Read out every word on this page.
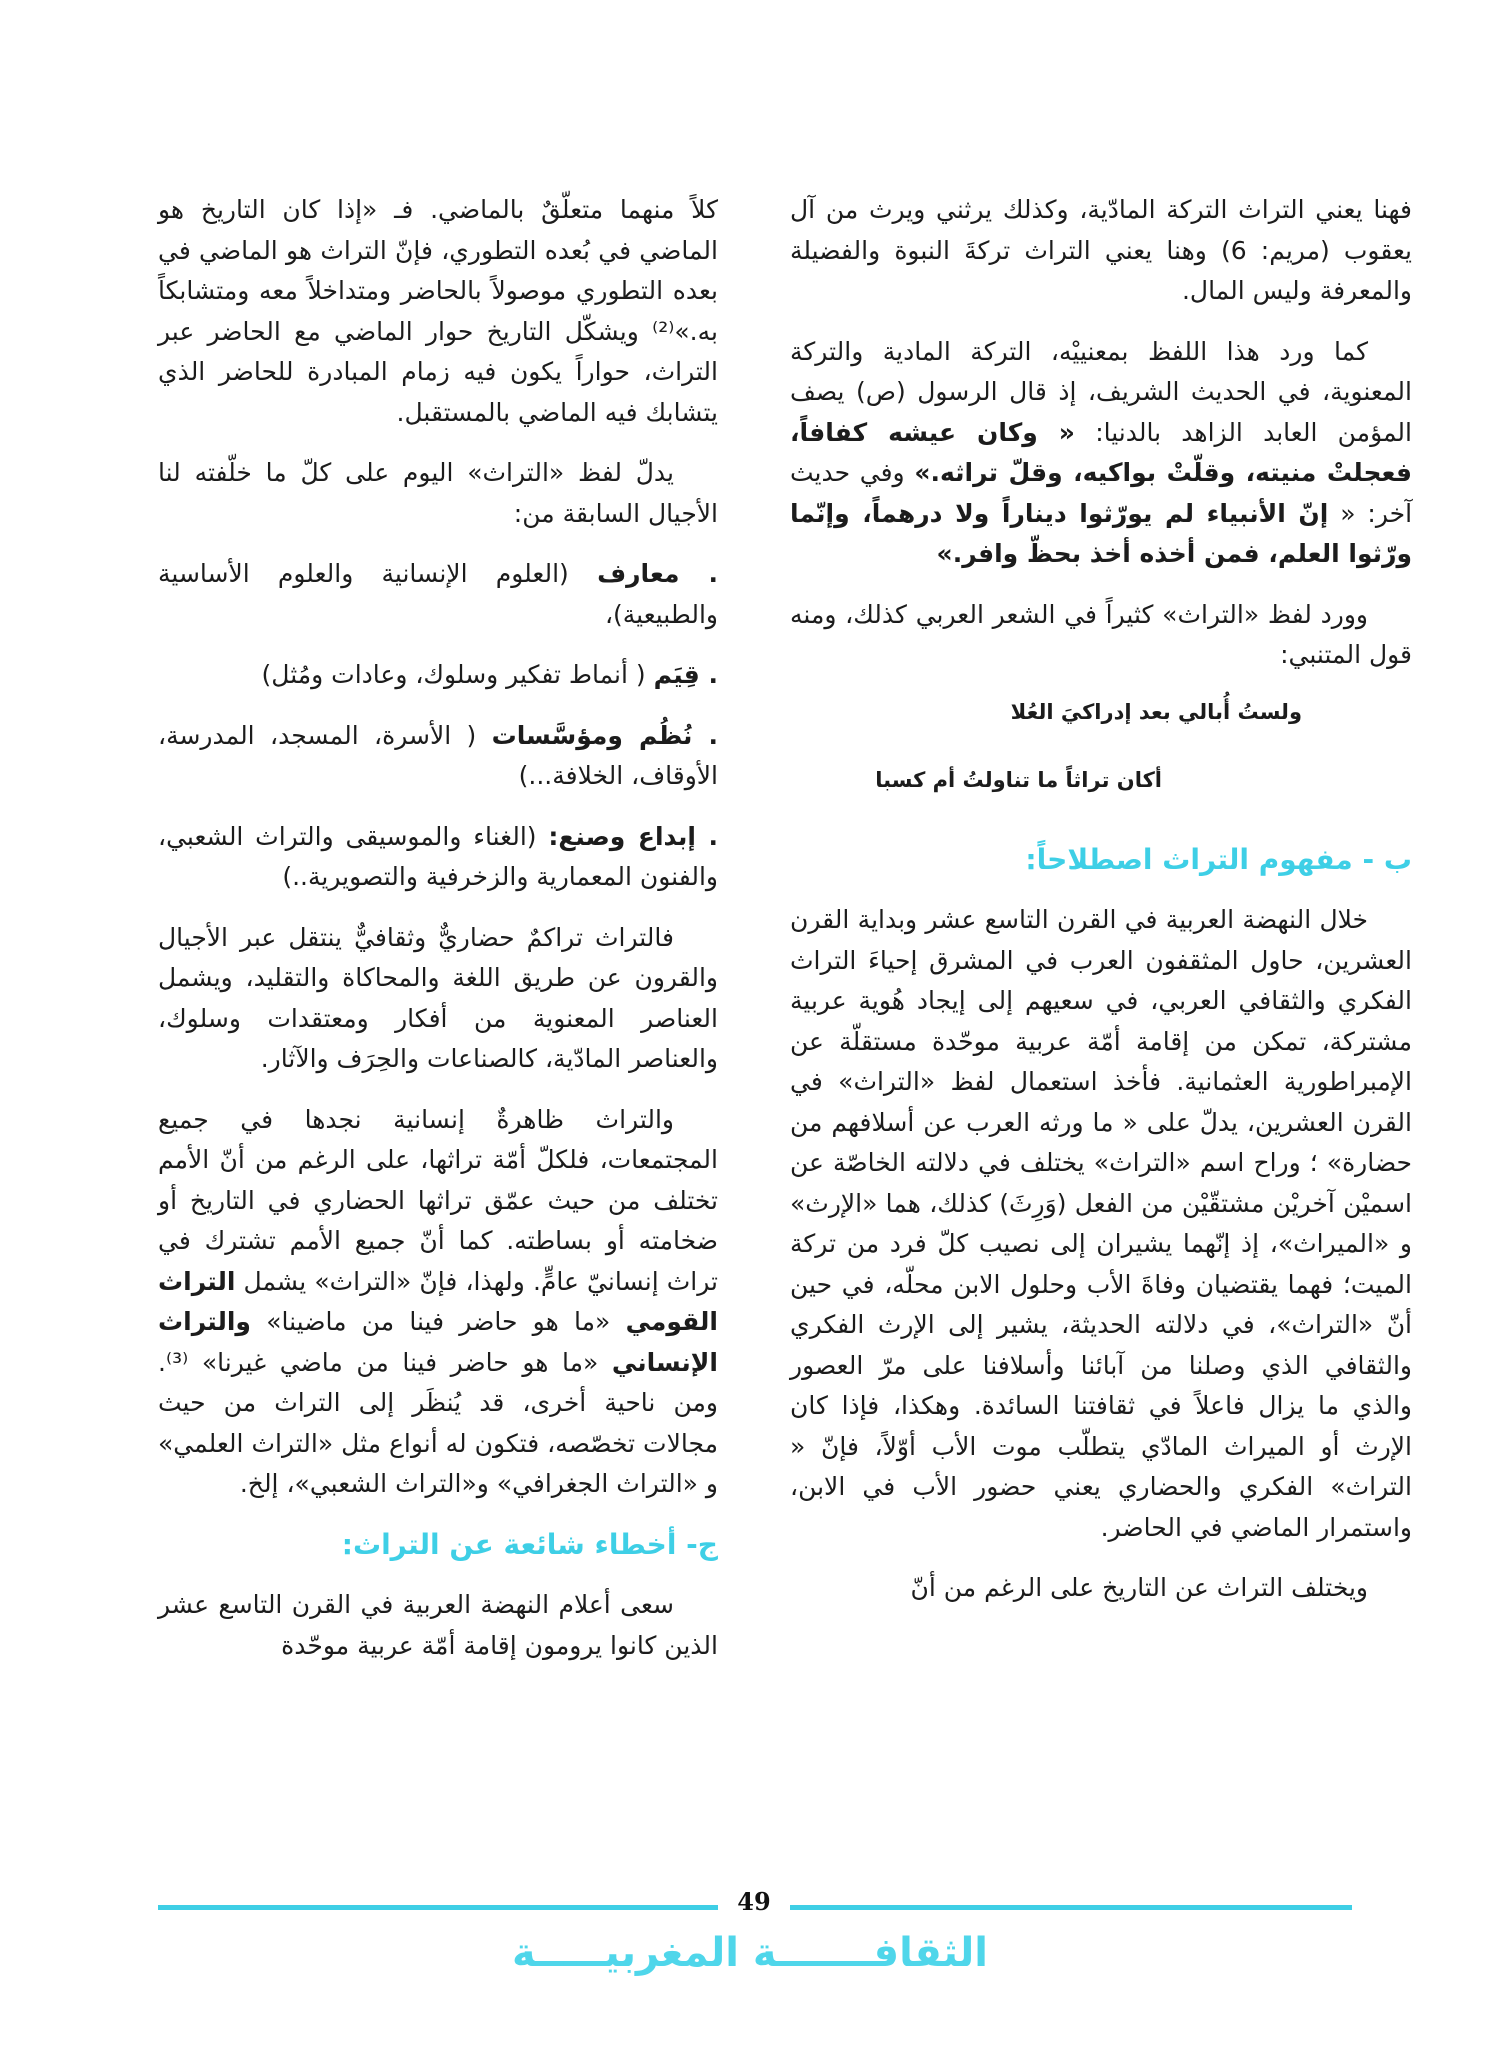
فهنا يعني التراث التركة المادّية، وكذلك يرثني ويرث من آل يعقوب (مريم: 6) وهنا يعني التراث تركةَ النبوة والفضيلة والمعرفة وليس المال.

كما ورد هذا اللفظ بمعنييْه، التركة المادية والتركة المعنوية، في الحديث الشريف، إذ قال الرسول (ص) يصف المؤمن العابد الزاهد بالدنيا: « وكان عيشه كفافاً، فعجلتْ منيته، وقلّتْ بواكيه، وقلّ تراثه.» وفي حديث آخر: « إنّ الأنبياء لم يورّثوا ديناراً ولا درهماً، وإنّما ورّثوا العلم، فمن أخذه أخذ بحظّ وافر.»

وورد لفظ «التراث» كثيراً في الشعر العربي كذلك، ومنه قول المتنبي:

ولستُ أُبالي بعد إدراكيَ العُلا
أكان تراثاً ما تناولتُ أم كسبا
ب - مفهوم التراث اصطلاحاً:

خلال النهضة العربية في القرن التاسع عشر وبداية القرن العشرين، حاول المثقفون العرب في المشرق إحياءَ التراث الفكري والثقافي العربي، في سعيهم إلى إيجاد هُوية عربية مشتركة، تمكن من إقامة أمّة عربية موحّدة مستقلّة عن الإمبراطورية العثمانية. فأخذ استعمال لفظ «التراث» في القرن العشرين، يدلّ على « ما ورثه العرب عن أسلافهم من حضارة» ؛ وراح اسم «التراث» يختلف في دلالته الخاصّة عن اسميْن آخريْن مشتقّيْن من الفعل (وَرِثَ) كذلك، هما «الإرث» و «الميراث»، إذ إنّهما يشيران إلى نصيب كلّ فرد من تركة الميت؛ فهما يقتضيان وفاةَ الأب وحلول الابن محلّه، في حين أنّ «التراث»، في دلالته الحديثة، يشير إلى الإرث الفكري والثقافي الذي وصلنا من آبائنا وأسلافنا على مرّ العصور والذي ما يزال فاعلاً في ثقافتنا السائدة. وهكذا، فإذا كان الإرث أو الميراث المادّي يتطلّب موت الأب أوّلاً، فإنّ « التراث» الفكري والحضاري يعني حضور الأب في الابن، واستمرار الماضي في الحاضر.

ويختلف التراث عن التاريخ على الرغم من أنّ

كلاً منهما متعلّقٌ بالماضي. فـ «إذا كان التاريخ هو الماضي في بُعده التطوري، فإنّ التراث هو الماضي في بعده التطوري موصولاً بالحاضر ومتداخلاً معه ومتشابكاً به.»⁽²⁾ ويشكّل التاريخ حوار الماضي مع الحاضر عبر التراث، حواراً يكون فيه زمام المبادرة للحاضر الذي يتشابك فيه الماضي بالمستقبل.

يدلّ لفظ «التراث» اليوم على كلّ ما خلّفته لنا الأجيال السابقة من:

. معارف (العلوم الإنسانية والعلوم الأساسية والطبيعية)،

. قِيَم ( أنماط تفكير وسلوك، وعادات ومُثل)

. نُظُم ومؤسَّسات ( الأسرة، المسجد، المدرسة، الأوقاف، الخلافة...)

. إبداع وصنع: (الغناء والموسيقى والتراث الشعبي، والفنون المعمارية والزخرفية والتصويرية..)

فالتراث تراكمٌ حضاريٌّ وثقافيٌّ ينتقل عبر الأجيال والقرون عن طريق اللغة والمحاكاة والتقليد، ويشمل العناصر المعنوية من أفكار ومعتقدات وسلوك، والعناصر المادّية، كالصناعات والحِرَف والآثار.

والتراث ظاهرةٌ إنسانية نجدها في جميع المجتمعات، فلكلّ أمّة تراثها، على الرغم من أنّ الأمم تختلف من حيث عمّق تراثها الحضاري في التاريخ أو ضخامته أو بساطته. كما أنّ جميع الأمم تشترك في تراث إنسانيّ عامٍّ. ولهذا، فإنّ «التراث» يشمل التراث القومي «ما هو حاضر فينا من ماضينا» والتراث الإنساني «ما هو حاضر فينا من ماضي غيرنا» ⁽³⁾. ومن ناحية أخرى، قد يُنظَر إلى التراث من حيث مجالات تخصّصه، فتكون له أنواع مثل «التراث العلمي» و «التراث الجغرافي» و«التراث الشعبي»، إلخ.

ج- أخطاء شائعة عن التراث:

سعى أعلام النهضة العربية في القرن التاسع عشر الذين كانوا يرومون إقامة أمّة عربية موحّدة

49
الثقافـــــــة المغربيـــــة
